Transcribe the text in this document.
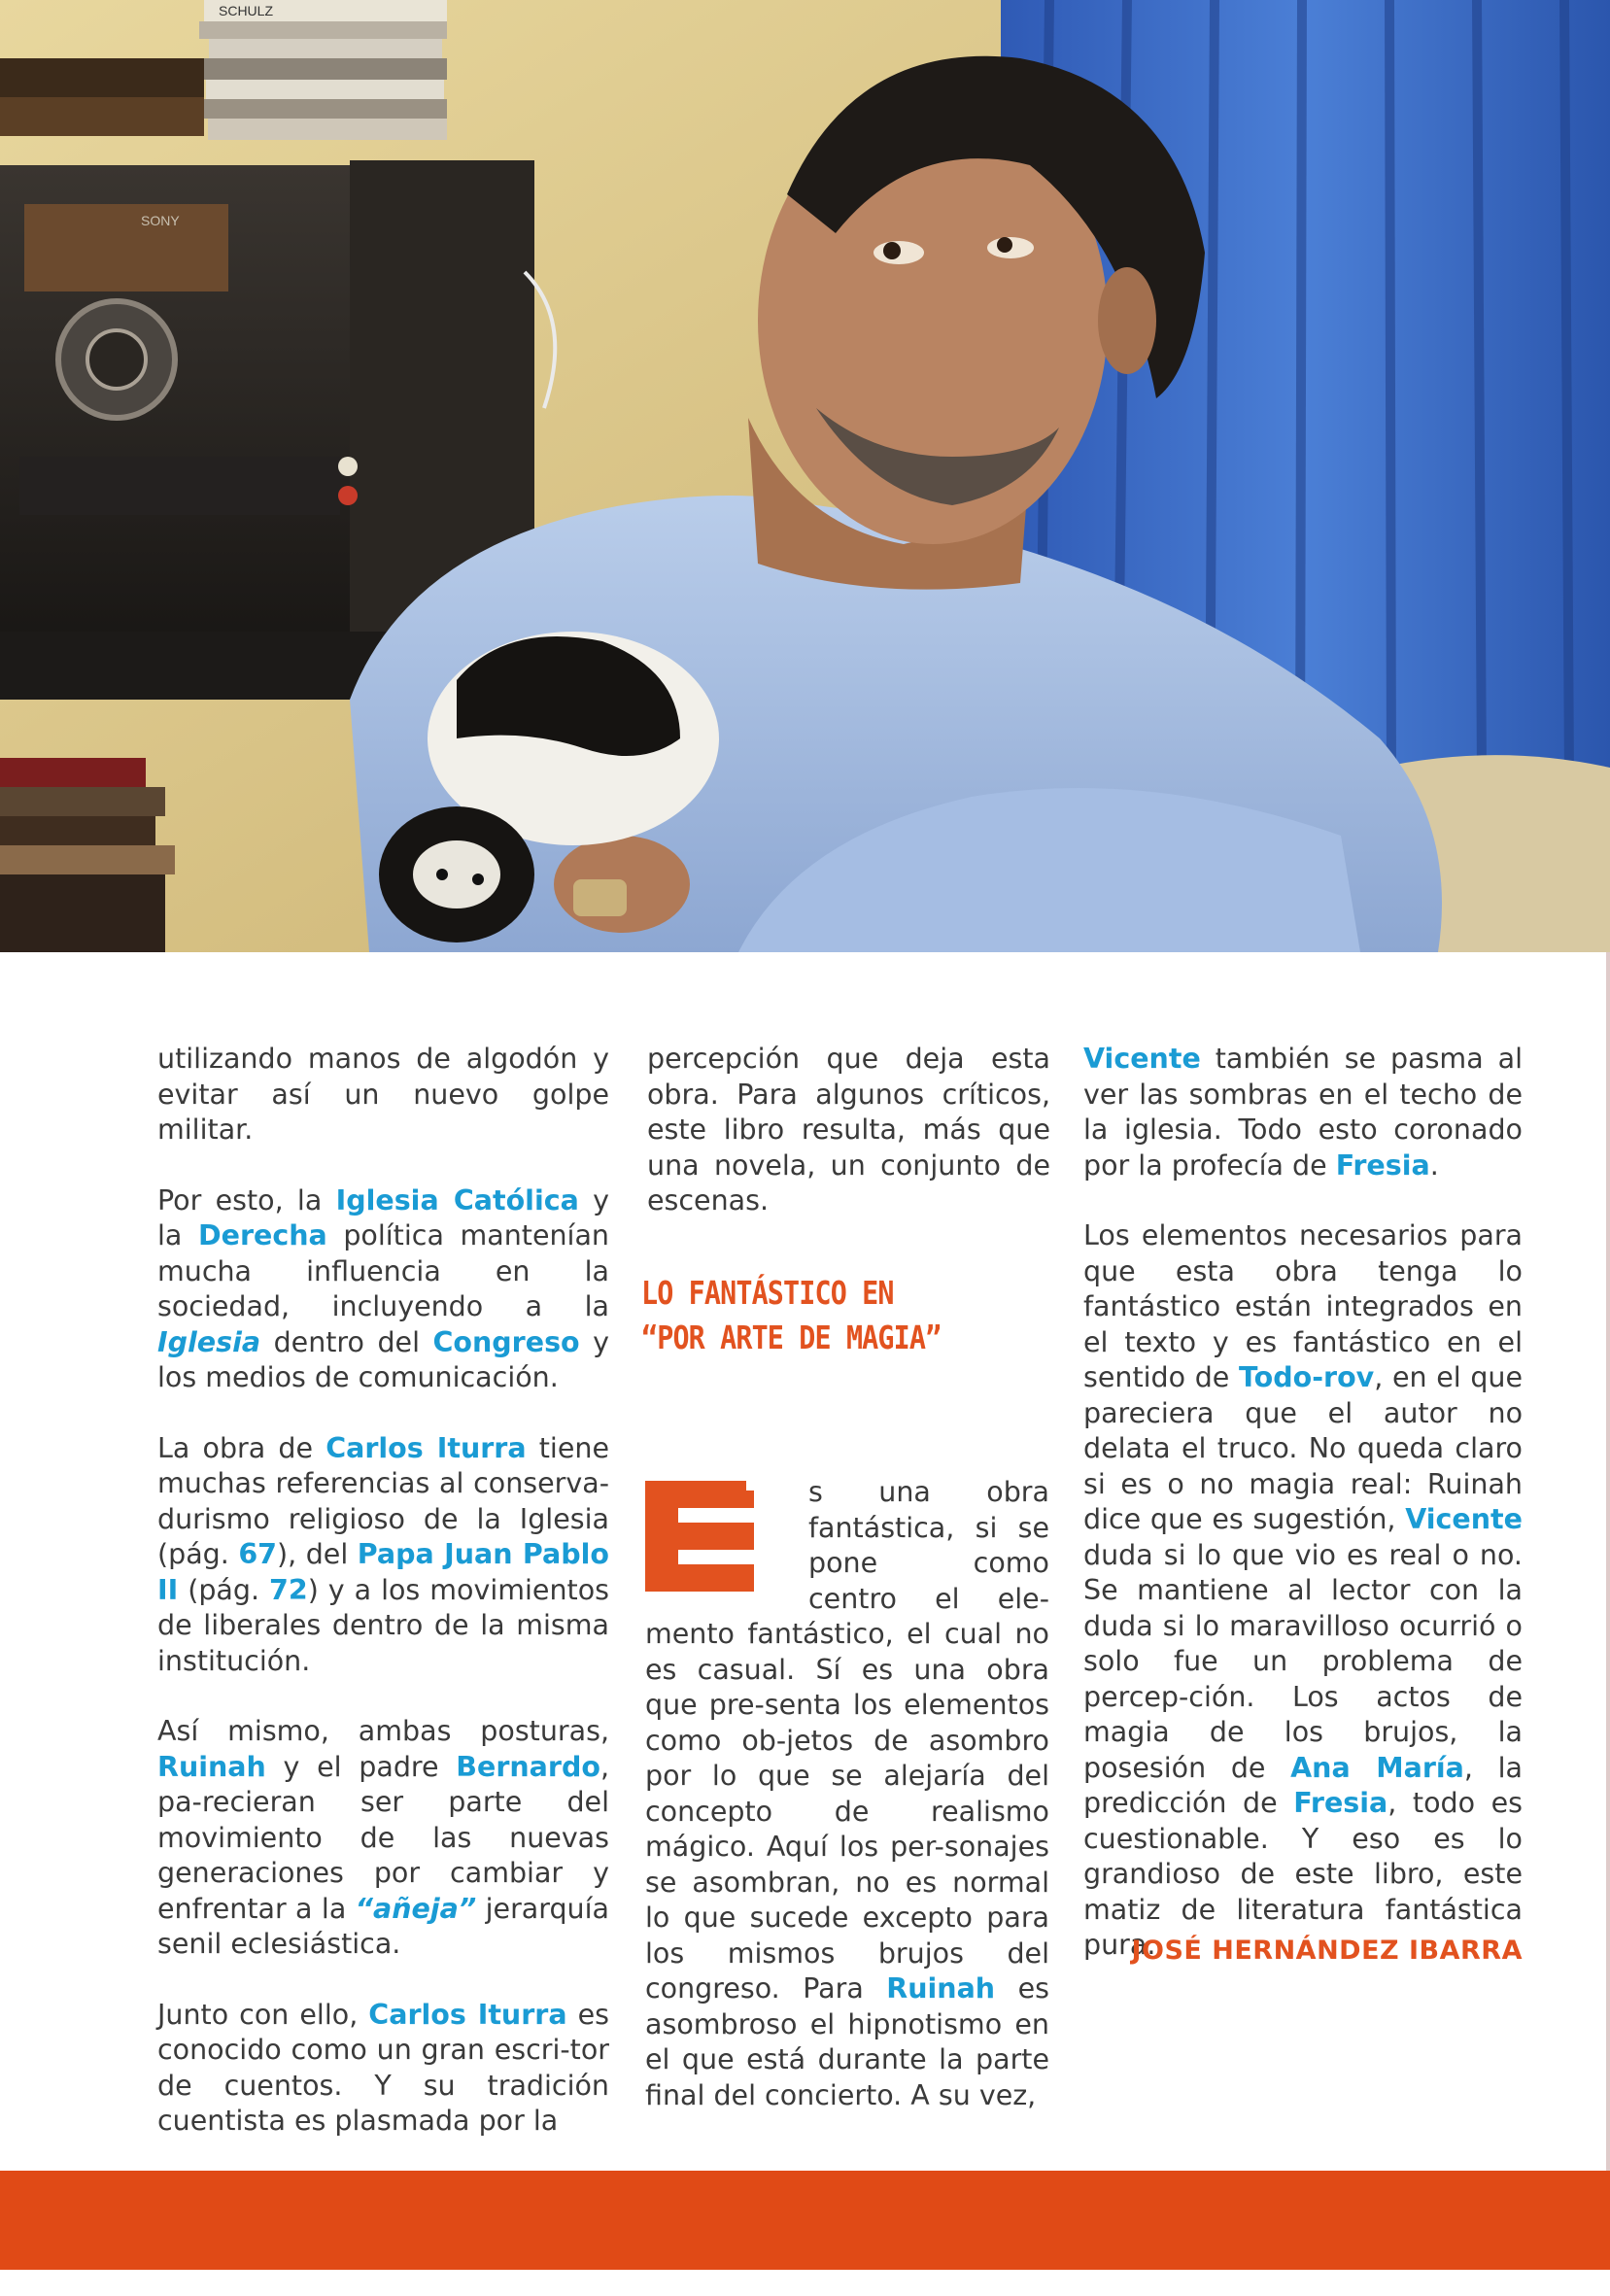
SCHULZ
SONY

utilizando manos de algodón y evitar así un nuevo golpe militar.

Por esto, la Iglesia Católica y la Derecha política mantenían mucha influencia en la sociedad, incluyendo a la Iglesia dentro del Congreso y los medios de comunicación.

La obra de Carlos Iturra tiene muchas referencias al conserva-durismo religioso de la Iglesia (pág. 67), del Papa Juan Pablo II (pág. 72) y a los movimientos de liberales dentro de la misma institución.

Así mismo, ambas posturas, Ruinah y el padre Bernardo, pa-recieran ser parte del movimiento de las nuevas generaciones por cambiar y enfrentar a la “añeja” jerarquía senil eclesiástica.

Junto con ello, Carlos Iturra es conocido como un gran escri-tor de cuentos. Y su tradición cuentista es plasmada por la

percepción que deja esta obra. Para algunos críticos, este libro resulta, más que una novela, un conjunto de escenas.

LO FANTÁSTICO EN
“POR ARTE DE MAGIA”

s una obra fantástica, si se pone como centro el ele-mento fantástico, el cual no es casual. Sí es una obra que pre-senta los elementos como ob-jetos de asombro por lo que se alejaría del concepto de realismo mágico. Aquí los per-sonajes se asombran, no es normal lo que sucede excepto para los mismos brujos del congreso. Para Ruinah es asombroso el hipnotismo en el que está durante la parte final del concierto. A su vez,

Vicente también se pasma al ver las sombras en el techo de la iglesia. Todo esto coronado por la profecía de Fresia.

Los elementos necesarios para que esta obra tenga lo fantástico están integrados en el texto y es fantástico en el sentido de Todo-rov, en el que pareciera que el autor no delata el truco. No queda claro si es o no magia real: Ruinah dice que es sugestión, Vicente duda si lo que vio es real o no. Se mantiene al lector con la duda si lo maravilloso ocurrió o solo fue un problema de percep-ción. Los actos de magia de los brujos, la posesión de Ana María, la predicción de Fresia, todo es cuestionable. Y eso es lo grandioso de este libro, este matiz de literatura fantástica pura.

JOSÉ HERNÁNDEZ IBARRA
